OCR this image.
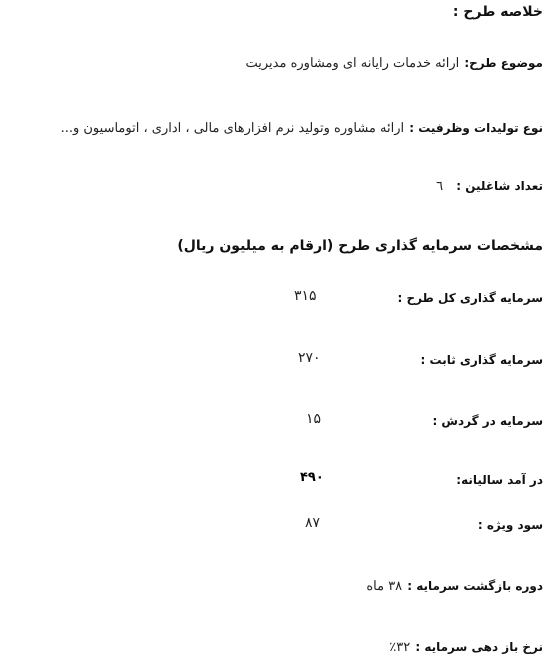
خلاصه طرح :
موضوع طرح: ارائه خدمات رایانه ای ومشاوره مدیریت
نوع تولیدات وظرفیت : ارائه مشاوره وتولید نرم افزارهای مالی ، اداری ، اتوماسیون و...
تعداد شاغلین : ٦
مشخصات سرمایه گذاری طرح (ارقام به میلیون ریال)
سرمایه گذاری کل طرح :
۳۱۵
سرمایه گذاری ثابت :
۲۷۰
سرمایه در گردش :
۱۵
در آمد سالیانه:
۴۹۰
سود ویژه :
۸۷
دوره بازگشت سرمایه : ۳۸ ماه
نرخ باز دهی سرمایه : ۳۲٪
